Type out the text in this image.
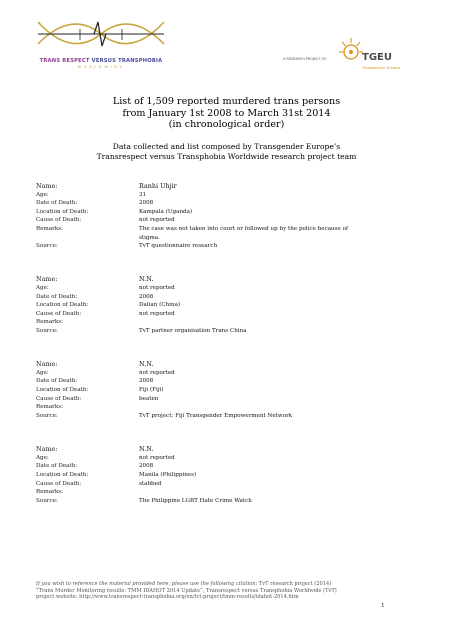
TRANS RESPECT VERSUS TRANSPHOBIA
WORLDWIDE
A RESEARCH PROJECT OF:	TGEU
Transgender Europe
List of 1,509 reported murdered trans persons
from January 1st 2008 to March 31st 2014
(in chronological order)
Data collected and list composed by Transgender Europe’s
Transrespect versus Transphobia Worldwide research project team
Name:	Ranhi Uhjir
Age:	31
Date of Death:	2008
Location of Death:	Kampala (Uganda)
Cause of Death:	not reported
Remarks:	The case was not taken into court or followed up by the police because of
stigma.
Source:	TvT questionnaire research
Name:	N.N.
Age:	not reported
Date of Death:	2008
Location of Death:	Dalian (China)
Cause of Death:	not reported
Remarks:
Source:	TvT partner organisation Trans China
Name:	N.N.
Age:	not reported
Date of Death:	2008
Location of Death:	Fiji (Fiji)
Cause of Death:	beaten
Remarks:
Source:	TvT project: Fiji Transgender Empowerment Network
Name:	N.N.
Age:	not reported
Date of Death:	2008
Location of Death:	Manila (Philippines)
Cause of Death:	stabbed
Remarks:
Source:	The Philippine LGBT Hate Crime Watch
If you wish to reference the material provided here, please use the following citation: TvT research project (2014)
“Trans Murder Monitoring results: TMM IDAHOT 2014 Update”, Transrespect versus Transphobia Worldwide (TvT)
project website: http://www.transrespect-transphobia.org/en/tvt-project/tmm-results/idahot-2014.htm
1
